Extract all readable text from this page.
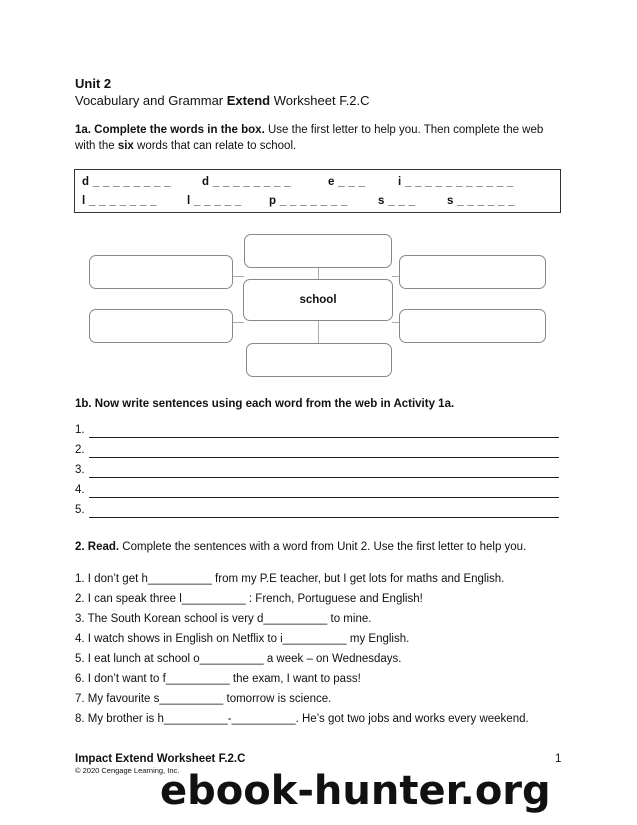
Unit 2
Vocabulary and Grammar Extend Worksheet F.2.C
1a. Complete the words in the box. Use the first letter to help you. Then complete the web
with the six words that can relate to school.
d _ _ _ _ _ _ _ _	d _ _ _ _ _ _ _ _	e _ _ _	i _ _ _ _ _ _ _ _ _ _ _
l _ _ _ _ _ _ _	l _ _ _ _ _ p _ _ _ _ _ _ _	s _ _ _	s _ _ _ _ _ _
school
1b. Now write sentences using each word from the web in Activity 1a.
1.
2.
3.
4.
5.
2. Read. Complete the sentences with a word from Unit 2. Use the first letter to help you.
1. I don’t get h__________ from my P.E teacher, but I get lots for maths and English.
2. I can speak three l__________ : French, Portuguese and English!
3. The South Korean school is very d__________ to mine.
4. I watch shows in English on Netflix to i__________ my English.
5. I eat lunch at school o__________ a week – on Wednesdays.
6. I don’t want to f__________ the exam, I want to pass!
7. My favourite s__________ tomorrow is science.
8. My brother is h__________-__________. He’s got two jobs and works every weekend.
Impact Extend Worksheet F.2.C
© 2020 Cengage Learning, Inc.
1
ebook-hunter.org
